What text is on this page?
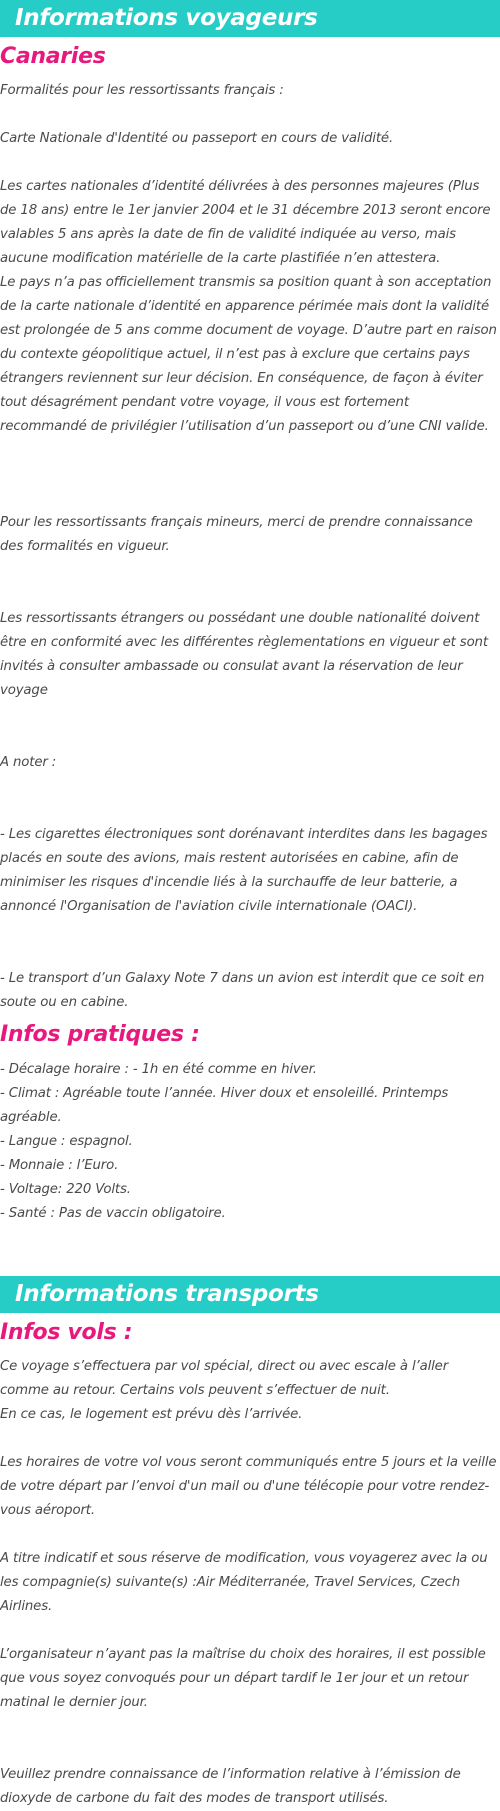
Informations voyageurs
Canaries

Formalités pour les ressortissants français :

Carte Nationale d'Identité ou passeport en cours de validité.

Les cartes nationales d’identité délivrées à des personnes majeures (Plus de 18 ans) entre le 1er janvier 2004 et le 31 décembre 2013 seront encore valables 5 ans après la date de fin de validité indiquée au verso, mais aucune modification matérielle de la carte plastifiée n’en attestera.

Le pays n’a pas officiellement transmis sa position quant à son acceptation de la carte nationale d’identité en apparence périmée mais dont la validité est prolongée de 5 ans comme document de voyage. D’autre part en raison du contexte géopolitique actuel, il n’est pas à exclure que certains pays étrangers reviennent sur leur décision. En conséquence, de façon à éviter tout désagrément pendant votre voyage, il vous est fortement recommandé de privilégier l’utilisation d’un passeport ou d’une CNI valide.

Pour les ressortissants français mineurs, merci de prendre connaissance des formalités en vigueur.

Les ressortissants étrangers ou possédant une double nationalité doivent être en conformité avec les différentes règlementations en vigueur et sont invités à consulter ambassade ou consulat avant la réservation de leur voyage

A noter :

- Les cigarettes électroniques sont dorénavant interdites dans les bagages placés en soute des avions, mais restent autorisées en cabine, afin de minimiser les risques d'incendie liés à la surchauffe de leur batterie, a annoncé l'Organisation de l'aviation civile internationale (OACI).

- Le transport d’un Galaxy Note 7 dans un avion est interdit que ce soit en soute ou en cabine.

Infos pratiques :
- Décalage horaire : - 1h en été comme en hiver.
- Climat : Agréable toute l’année. Hiver doux et ensoleillé. Printemps agréable.
- Langue : espagnol.
- Monnaie : l’Euro.
- Voltage: 220 Volts.
- Santé : Pas de vaccin obligatoire.
Informations transports
Infos vols :

Ce voyage s’effectuera par vol spécial, direct ou avec escale à l’aller comme au retour. Certains vols peuvent s’effectuer de nuit.

En ce cas, le logement est prévu dès l’arrivée.

Les horaires de votre vol vous seront communiqués entre 5 jours et la veille de votre départ par l’envoi d'un mail ou d'une télécopie pour votre rendez-vous aéroport.

A titre indicatif et sous réserve de modification, vous voyagerez avec la ou les compagnie(s) suivante(s) :Air Méditerranée, Travel Services, Czech Airlines.

L’organisateur n’ayant pas la maîtrise du choix des horaires, il est possible que vous soyez convoqués pour un départ tardif le 1er jour et un retour matinal le dernier jour.

Veuillez prendre connaissance de l’information relative à l’émission de dioxyde de carbone du fait des modes de transport utilisés.
